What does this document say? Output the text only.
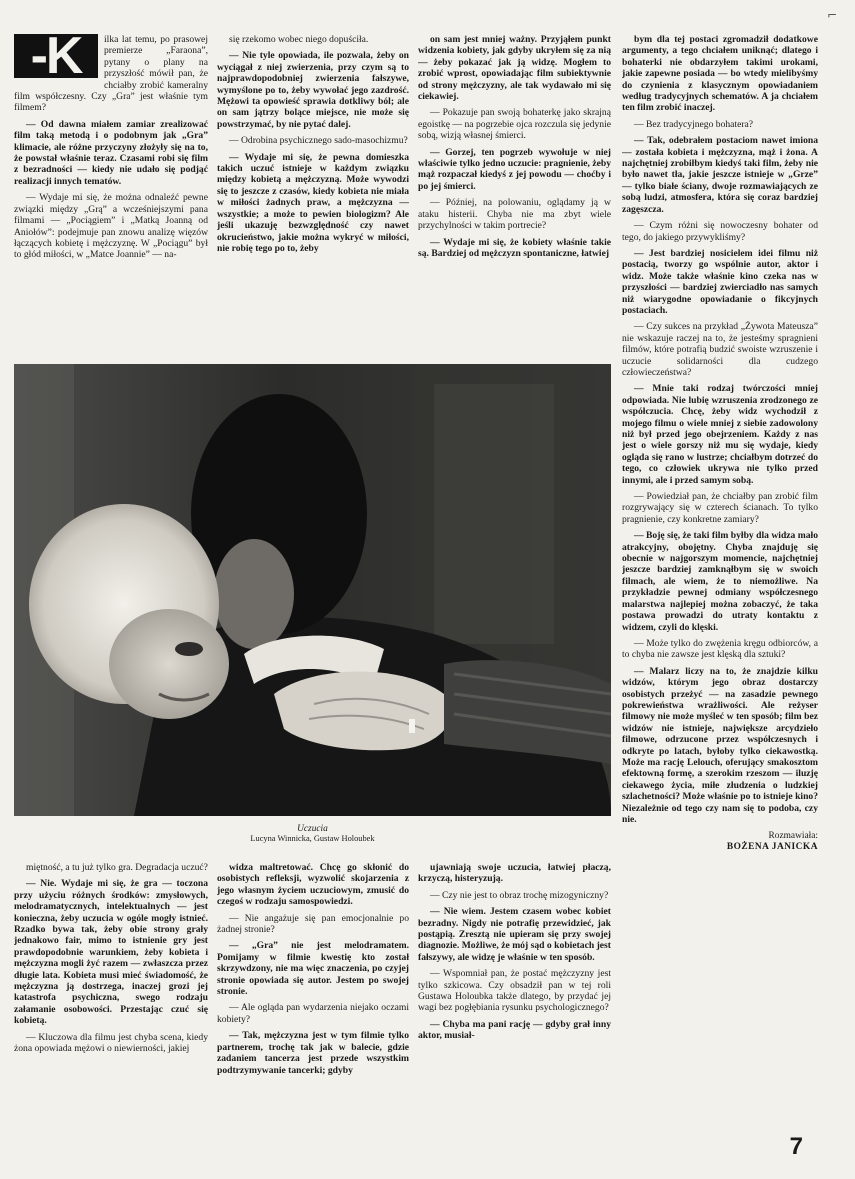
⌐
-K	ilka lat temu, po prasowej premierze „Faraona”, pytany o plany na przyszłość mówił pan, że chciałby zrobić kameralny film współczesny. Czy „Gra” jest właśnie tym filmem?

— Od dawna miałem zamiar zrealizować film taką metodą i o podobnym jak „Gra” klimacie, ale różne przyczyny złożyły się na to, że powstał właśnie teraz. Czasami robi się film z bezradności — kiedy nie udało się podjąć realizacji innych tematów.

— Wydaje mi się, że można odnaleźć pewne związki między „Grą” a wcześniejszymi pana filmami — „Pociągiem” i „Matką Joanną od Aniołów”: podejmuje pan znowu analizę więzów łączących kobietę i mężczyznę. W „Pociągu” był to głód miłości, w „Matce Joannie” — na-

się rzekomo wobec niego dopuściła.

— Nie tyle opowiada, ile pozwala, żeby on wyciągał z niej zwierzenia, przy czym są to najprawdopodobniej zwierzenia fałszywe, wymyślone po to, żeby wywołać jego zazdrość. Mężowi ta opowieść sprawia dotkliwy ból; ale on sam jątrzy bolące miejsce, nie może się powstrzymać, by nie pytać dalej.

— Odrobina psychicznego sado-masochizmu?

— Wydaje mi się, że pewna domieszka takich uczuć istnieje w każdym związku między kobietą a mężczyzną. Może wywodzi się to jeszcze z czasów, kiedy kobieta nie miała w miłości żadnych praw, a mężczyzna — wszystkie; a może to pewien biologizm? Ale jeśli ukazuję bezwzględność czy nawet okrucieństwo, jakie można wykryć w miłości, nie robię tego po to, żeby

on sam jest mniej ważny. Przyjąłem punkt widzenia kobiety, jak gdyby ukryłem się za nią — żeby pokazać jak ją widzę. Mogłem to zrobić wprost, opowiadając film subiektywnie od strony mężczyzny, ale tak wydawało mi się ciekawiej.

— Pokazuje pan swoją bohaterkę jako skrajną egoistkę — na pogrzebie ojca rozczula się jedynie sobą, wizją własnej śmierci.

— Gorzej, ten pogrzeb wywołuje w niej właściwie tylko jedno uczucie: pragnienie, żeby mąż rozpaczał kiedyś z jej powodu — choćby i po jej śmierci.

— Później, na polowaniu, oglądamy ją w ataku histerii. Chyba nie ma zbyt wiele przychylności w takim portrecie?

— Wydaje mi się, że kobiety właśnie takie są. Bardziej od mężczyzn spontaniczne, łatwiej

bym dla tej postaci zgromadził dodatkowe argumenty, a tego chciałem uniknąć; dlatego i bohaterki nie obdarzyłem takimi urokami, jakie zapewne posiada — bo wtedy mielibyśmy do czynienia z klasycznym opowiadaniem według tradycyjnych schematów. A ja chciałem ten film zrobić inaczej.

— Bez tradycyjnego bohatera?

— Tak, odebrałem postaciom nawet imiona — została kobieta i mężczyzna, mąż i żona. A najchętniej zrobiłbym kiedyś taki film, żeby nie było nawet tła, jakie jeszcze istnieje w „Grze” — tylko białe ściany, dwoje rozmawiających ze sobą ludzi, atmosfera, która się coraz bardziej zagęszcza.

— Czym różni się nowoczesny bohater od tego, do jakiego przywykliśmy?

— Jest bardziej nosicielem idei filmu niż postacią, tworzy go wspólnie autor, aktor i widz. Może także właśnie kino czeka nas w przyszłości — bardziej zwierciadło nas samych niż wiarygodne opowiadanie o fikcyjnych postaciach.

— Czy sukces na przykład „Żywota Mateusza” nie wskazuje raczej na to, że jesteśmy spragnieni filmów, które potrafią budzić swoiste wzruszenie i uczucie solidarności dla cudzego człowieczeństwa?

— Mnie taki rodzaj twórczości mniej odpowiada. Nie lubię wzruszenia zrodzonego ze współczucia. Chcę, żeby widz wychodził z mojego filmu o wiele mniej z siebie zadowolony niż był przed jego obejrzeniem. Każdy z nas jest o wiele gorszy niż mu się wydaje, kiedy ogląda się rano w lustrze; chciałbym dotrzeć do tego, co człowiek ukrywa nie tylko przed innymi, ale i przed samym sobą.

— Powiedział pan, że chciałby pan zrobić film rozgrywający się w czterech ścianach. To tylko pragnienie, czy konkretne zamiary?

— Boję się, że taki film byłby dla widza mało atrakcyjny, obojętny. Chyba znajduję się obecnie w najgorszym momencie, najchętniej jeszcze bardziej zamknąłbym się w swoich filmach, ale wiem, że to niemożliwe. Na przykładzie pewnej odmiany współczesnego malarstwa najlepiej można zobaczyć, że taka postawa prowadzi do utraty kontaktu z widzem, czyli do klęski.

— Może tylko do zwężenia kręgu odbiorców, a to chyba nie zawsze jest klęską dla sztuki?

— Malarz liczy na to, że znajdzie kilku widzów, którym jego obraz dostarczy osobistych przeżyć — na zasadzie pewnego pokrewieństwa wrażliwości. Ale reżyser filmowy nie może myśleć w ten sposób; film bez widzów nie istnieje, największe arcydzieło filmowe, odrzucone przez współczesnych i odkryte po latach, byłoby tylko ciekawostką. Może ma rację Lelouch, oferujący smakosztom efektowną formę, a szerokim rzeszom — iluzję ciekawego życia, miłe złudzenia o ludzkiej szlachetności? Może właśnie po to istnieje kino? Niezależnie od tego czy nam się to podoba, czy nie.

Rozmawiała:
BOŻENA JANICKA
Uczucia
Lucyna Winnicka, Gustaw Holoubek

miętność, a tu już tylko gra. Degradacja uczuć?

— Nie. Wydaje mi się, że gra — toczona przy użyciu różnych środków: zmysłowych, melodramatycznych, intelektualnych — jest konieczna, żeby uczucia w ogóle mogły istnieć. Rzadko bywa tak, żeby obie strony grały jednakowo fair, mimo to istnienie gry jest prawdopodobnie warunkiem, żeby kobieta i mężczyzna mogli żyć razem — zwłaszcza przez długie lata. Kobieta musi mieć świadomość, że mężczyzna ją dostrzega, inaczej grozi jej katastrofa psychiczna, swego rodzaju załamanie osobowości. Przestając czuć się kobietą.

— Kluczowa dla filmu jest chyba scena, kiedy żona opowiada mężowi o niewierności, jakiej

widza maltretować. Chcę go skłonić do osobistych refleksji, wyzwolić skojarzenia z jego własnym życiem uczuciowym, zmusić do czegoś w rodzaju samospowiedzi.

— Nie angażuje się pan emocjonalnie po żadnej stronie?

— „Gra” nie jest melodramatem. Pomijamy w filmie kwestię kto został skrzywdzony, nie ma więc znaczenia, po czyjej stronie opowiada się autor. Jestem po swojej stronie.

— Ale ogląda pan wydarzenia niejako oczami kobiety?

— Tak, mężczyzna jest w tym filmie tylko partnerem, trochę tak jak w balecie, gdzie zadaniem tancerza jest przede wszystkim podtrzymywanie tancerki; gdyby

ujawniają swoje uczucia, łatwiej płaczą, krzyczą, histeryzują.

— Czy nie jest to obraz trochę mizogyniczny?

— Nie wiem. Jestem czasem wobec kobiet bezradny. Nigdy nie potrafię przewidzieć, jak postąpią. Zresztą nie upieram się przy swojej diagnozie. Możliwe, że mój sąd o kobietach jest fałszywy, ale widzę je właśnie w ten sposób.

— Wspomniał pan, że postać mężczyzny jest tylko szkicowa. Czy obsadził pan w tej roli Gustawa Holoubka także dlatego, by przydać jej wagi bez pogłębiania rysunku psychologicznego?

— Chyba ma pani rację — gdyby grał inny aktor, musiał-

7
